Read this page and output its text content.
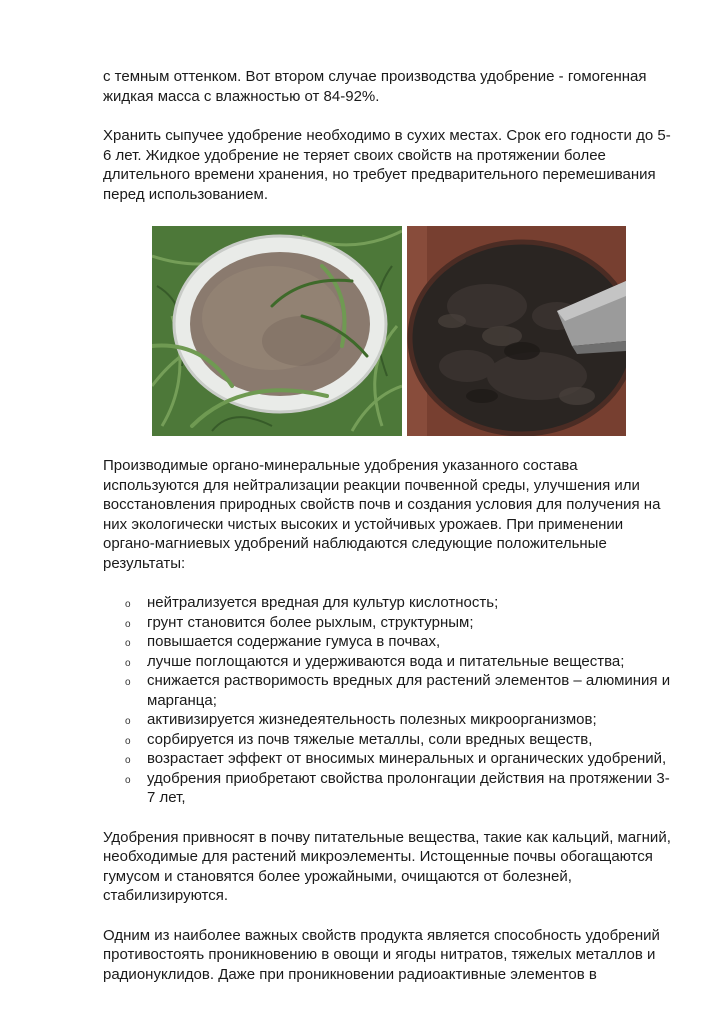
с темным оттенком. Вот втором случае производства удобрение - гомогенная жидкая масса с влажностью от 84-92%.

Хранить сыпучее удобрение необходимо в сухих местах. Срок его годности до 5-6 лет. Жидкое удобрение не теряет своих свойств на протяжении более длительного времени хранения, но требует предварительного перемешивания перед использованием.

Производимые органо-минеральные удобрения указанного состава используются для нейтрализации реакции почвенной среды, улучшения или восстановления природных свойств почв и создания условия для получения на них экологически чистых высоких и устойчивых урожаев. При применении органо-магниевых удобрений наблюдаются следующие положительные результаты:

o нейтрализуется вредная для культур кислотность;
o грунт становится более рыхлым, структурным;
o повышается содержание гумуса в почвах,
o лучше поглощаются и удерживаются вода и питательные вещества;
o снижается растворимость вредных для растений элементов – алюминия и марганца;
o активизируется жизнедеятельность полезных микроорганизмов;
o сорбируется из почв тяжелые металлы, соли вредных веществ,
o возрастает эффект от вносимых минеральных и органических удобрений,
o удобрения приобретают свойства пролонгации действия на протяжении 3-7 лет,

Удобрения привносят в почву питательные вещества, такие как кальций, магний, необходимые для растений микроэлементы. Истощенные почвы обогащаются гумусом и становятся более урожайными, очищаются от болезней, стабилизируются.

Одним из наиболее важных свойств продукта является способность удобрений противостоять проникновению в овощи и ягоды нитратов, тяжелых металлов и радионуклидов. Даже при проникновении радиоактивные элементов в
